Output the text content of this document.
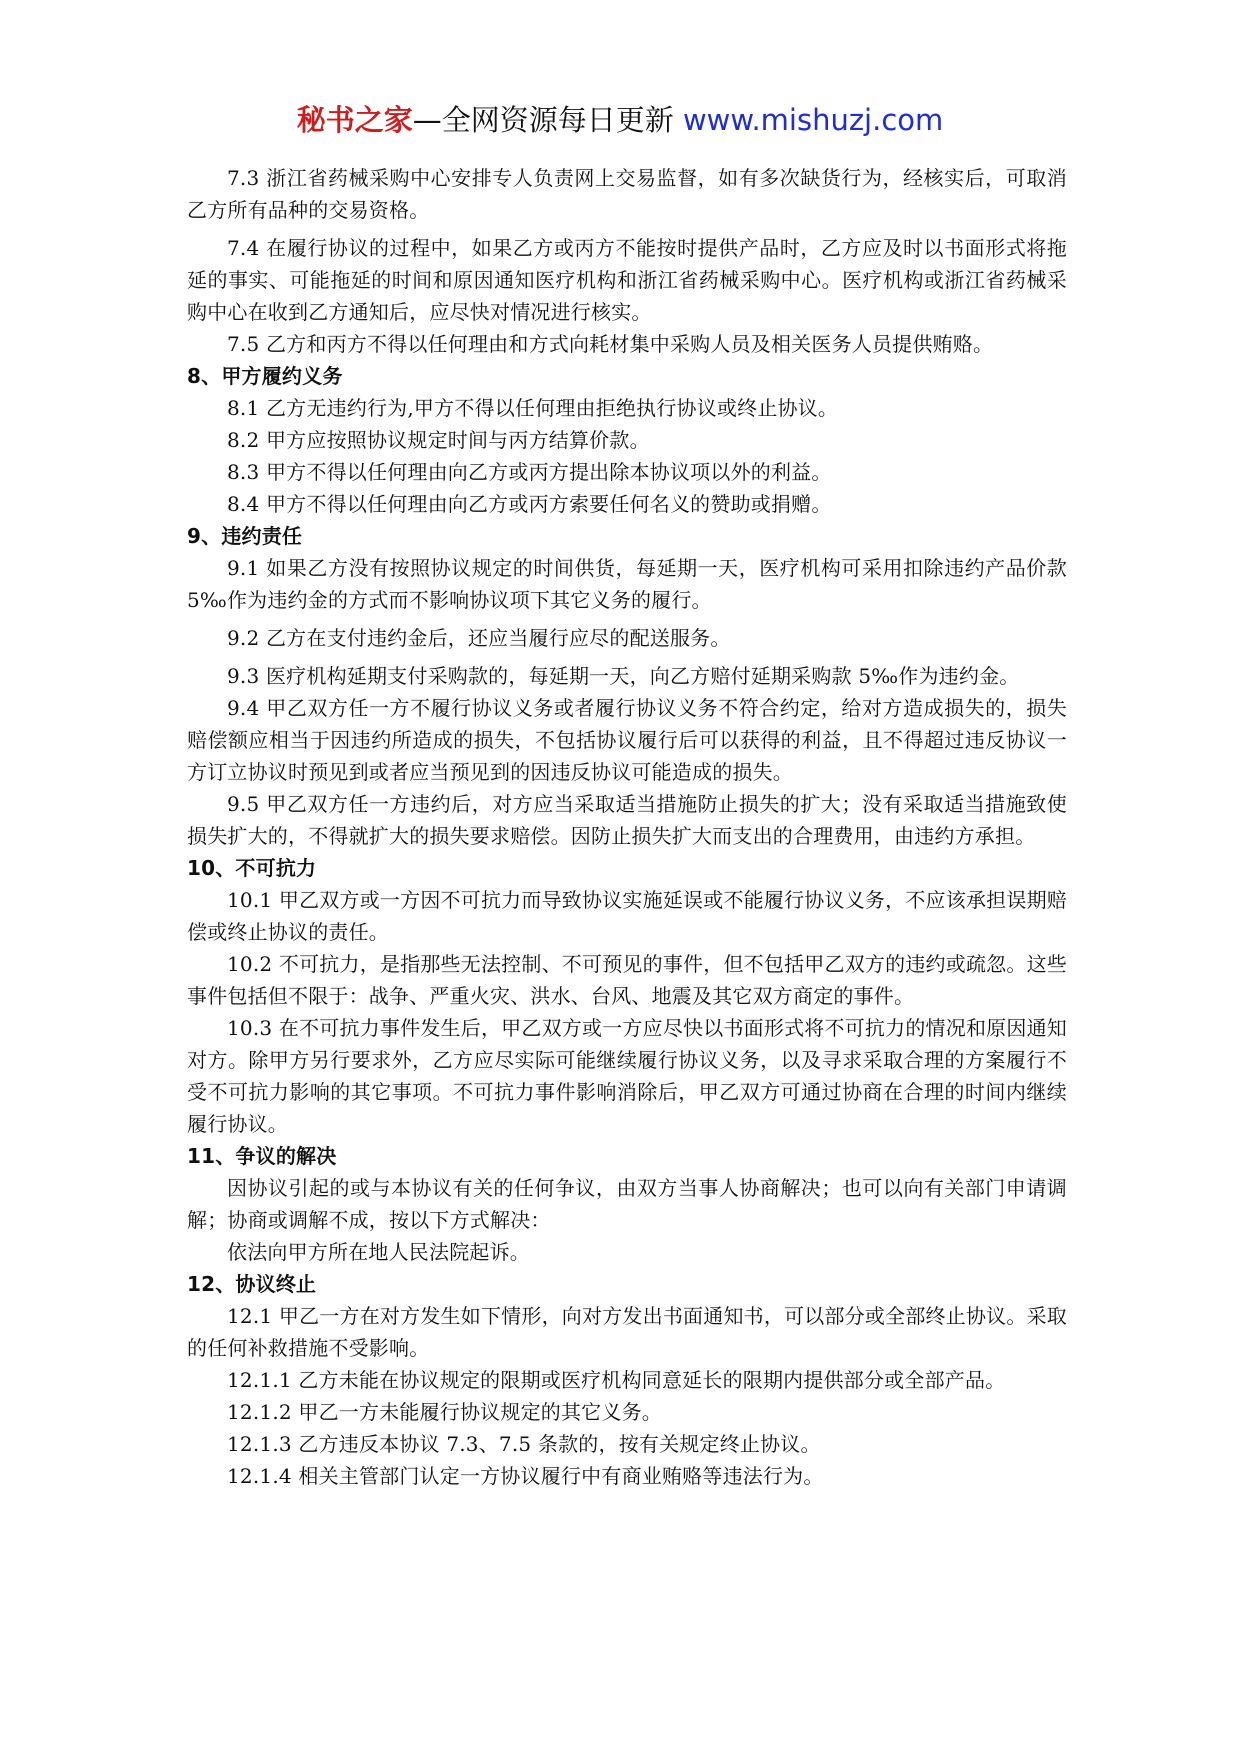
秘书之家—全网资源每日更新 www.mishuzj.com

7.3 浙江省药械采购中心安排专人负责网上交易监督，如有多次缺货行为，经核实后，可取消乙方所有品种的交易资格。

7.4 在履行协议的过程中，如果乙方或丙方不能按时提供产品时，乙方应及时以书面形式将拖延的事实、可能拖延的时间和原因通知医疗机构和浙江省药械采购中心。医疗机构或浙江省药械采购中心在收到乙方通知后，应尽快对情况进行核实。

7.5 乙方和丙方不得以任何理由和方式向耗材集中采购人员及相关医务人员提供贿赂。

8、甲方履约义务

8.1 乙方无违约行为,甲方不得以任何理由拒绝执行协议或终止协议。

8.2 甲方应按照协议规定时间与丙方结算价款。

8.3 甲方不得以任何理由向乙方或丙方提出除本协议项以外的利益。

8.4 甲方不得以任何理由向乙方或丙方索要任何名义的赞助或捐赠。

9、违约责任

9.1 如果乙方没有按照协议规定的时间供货，每延期一天，医疗机构可采用扣除违约产品价款 5‰作为违约金的方式而不影响协议项下其它义务的履行。

9.2 乙方在支付违约金后，还应当履行应尽的配送服务。

9.3 医疗机构延期支付采购款的，每延期一天，向乙方赔付延期采购款 5‰作为违约金。

9.4 甲乙双方任一方不履行协议义务或者履行协议义务不符合约定，给对方造成损失的，损失赔偿额应相当于因违约所造成的损失，不包括协议履行后可以获得的利益，且不得超过违反协议一方订立协议时预见到或者应当预见到的因违反协议可能造成的损失。

9.5 甲乙双方任一方违约后，对方应当采取适当措施防止损失的扩大；没有采取适当措施致使损失扩大的，不得就扩大的损失要求赔偿。因防止损失扩大而支出的合理费用，由违约方承担。

10、不可抗力

10.1 甲乙双方或一方因不可抗力而导致协议实施延误或不能履行协议义务，不应该承担误期赔偿或终止协议的责任。

10.2 不可抗力，是指那些无法控制、不可预见的事件，但不包括甲乙双方的违约或疏忽。这些事件包括但不限于：战争、严重火灾、洪水、台风、地震及其它双方商定的事件。

10.3 在不可抗力事件发生后，甲乙双方或一方应尽快以书面形式将不可抗力的情况和原因通知对方。除甲方另行要求外，乙方应尽实际可能继续履行协议义务，以及寻求采取合理的方案履行不受不可抗力影响的其它事项。不可抗力事件影响消除后，甲乙双方可通过协商在合理的时间内继续履行协议。

11、争议的解决

因协议引起的或与本协议有关的任何争议，由双方当事人协商解决；也可以向有关部门申请调解；协商或调解不成，按以下方式解决：

依法向甲方所在地人民法院起诉。

12、协议终止

12.1 甲乙一方在对方发生如下情形，向对方发出书面通知书，可以部分或全部终止协议。采取的任何补救措施不受影响。

12.1.1 乙方未能在协议规定的限期或医疗机构同意延长的限期内提供部分或全部产品。

12.1.2 甲乙一方未能履行协议规定的其它义务。

12.1.3 乙方违反本协议 7.3、7.5 条款的，按有关规定终止协议。

12.1.4 相关主管部门认定一方协议履行中有商业贿赂等违法行为。
